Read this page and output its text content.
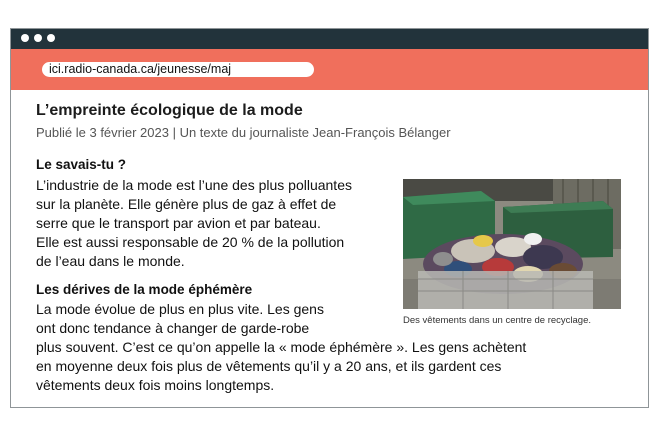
ici.radio-canada.ca/jeunesse/maj
L’empreinte écologique de la mode
Publié le 3 février 2023 | Un texte du journaliste Jean-François Bélanger
Le savais-tu ?
L’industrie de la mode est l’une des plus polluantes
sur la planète. Elle génère plus de gaz à effet de
serre que le transport par avion et par bateau.
Elle est aussi responsable de 20 % de la pollution
de l’eau dans le monde.
Les dérives de la mode éphémère
La mode évolue de plus en plus vite. Les gens
ont donc tendance à changer de garde-robe
plus souvent. C’est ce qu’on appelle la « mode éphémère ». Les gens achètent
en moyenne deux fois plus de vêtements qu’il y a 20 ans, et ils gardent ces
vêtements deux fois moins longtemps.
Des vêtements dans un centre de recyclage.
